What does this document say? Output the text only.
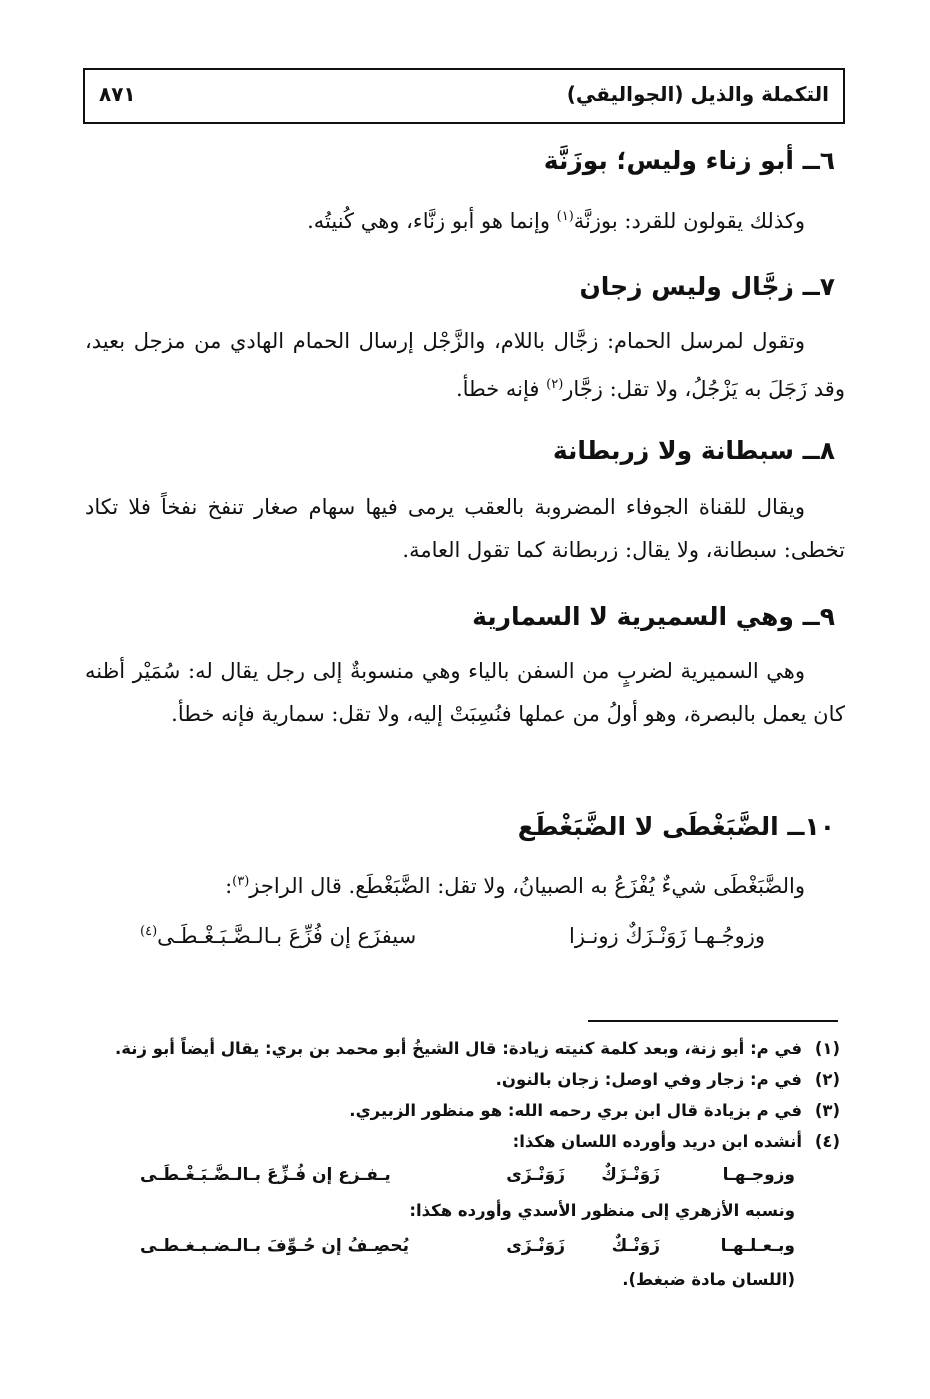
التكملة والذيل (الجواليقي)
٨٧١
٦ــ أبو زناء وليس؛ بوزَنَّة
وكذلك يقولون للقرد: بوزنَّة$^{(١)}$ وإنما هو أبو زنَّاء، وهي كُنيتُه.
٧ــ زجَّال وليس زجان
وتقول لمرسل الحمام: زجَّال باللام، والزَّجْل إرسال الحمام الهادي من مزجل بعيد، وقد زَجَلَ به يَزْجُلُ، ولا تقل: زجَّار$^{(٢)}$ فإنه خطأ.
٨ــ سبطانة ولا زربطانة
ويقال للقناة الجوفاء المضروبة بالعقب يرمى فيها سهام صغار تنفخ نفخاً فلا تكاد تخطى: سبطانة، ولا يقال: زربطانة كما تقول العامة.
٩ــ وهي السميرية لا السمارية
وهي السميرية لضربٍ من السفن بالياء وهي منسوبةٌ إلى رجل يقال له: سُمَيْر أظنه كان يعمل بالبصرة، وهو أولُ من عملها فنُسِبَتْ إليه، ولا تقل: سمارية فإنه خطأ.
١٠ــ الضَّبَغْطَى لا الضَّبَغْطَع
والضَّبَغْطَى شيءٌ يُفْزَعُ به الصبيانُ، ولا تقل: الضَّبَغْطَع. قال الراجز$^{(٣)}$:
وزوجُـهـا زَوَنْـزَكٌ زونـزا
سيفزَع إن فُزِّعَ بـالـضَّـبَـغْـطَـى$^{(٤)}$
(١)في م: أبو زنة، وبعد كلمة كنيته زيادة: قال الشيخُ أبو محمد بن بري: يقال أيضاً أبو زنة.
(٢)في م: زجار وفي اوصل: زجان بالنون.
(٣)في م بزيادة قال ابن بري رحمه الله: هو منظور الزبيري.
(٤)أنشده ابن دريد وأورده اللسان هكذا:
وزوجـهـا
زَوَنْـزَكٌ
زَوَنْـزَى
يـفـزع إن فُـزِّعَ بـالـضَّـبَـغْـطَـى
ونسبه الأزهري إلى منظور الأسدي وأورده هكذا:
وبـعـلـهـا
زَوَنْـكٌ
زَوَنْـزَى
يُحصِـفُ إن حُـوِّفَ بـالـضـبـغـطـى
(اللسان مادة ضبغط).
